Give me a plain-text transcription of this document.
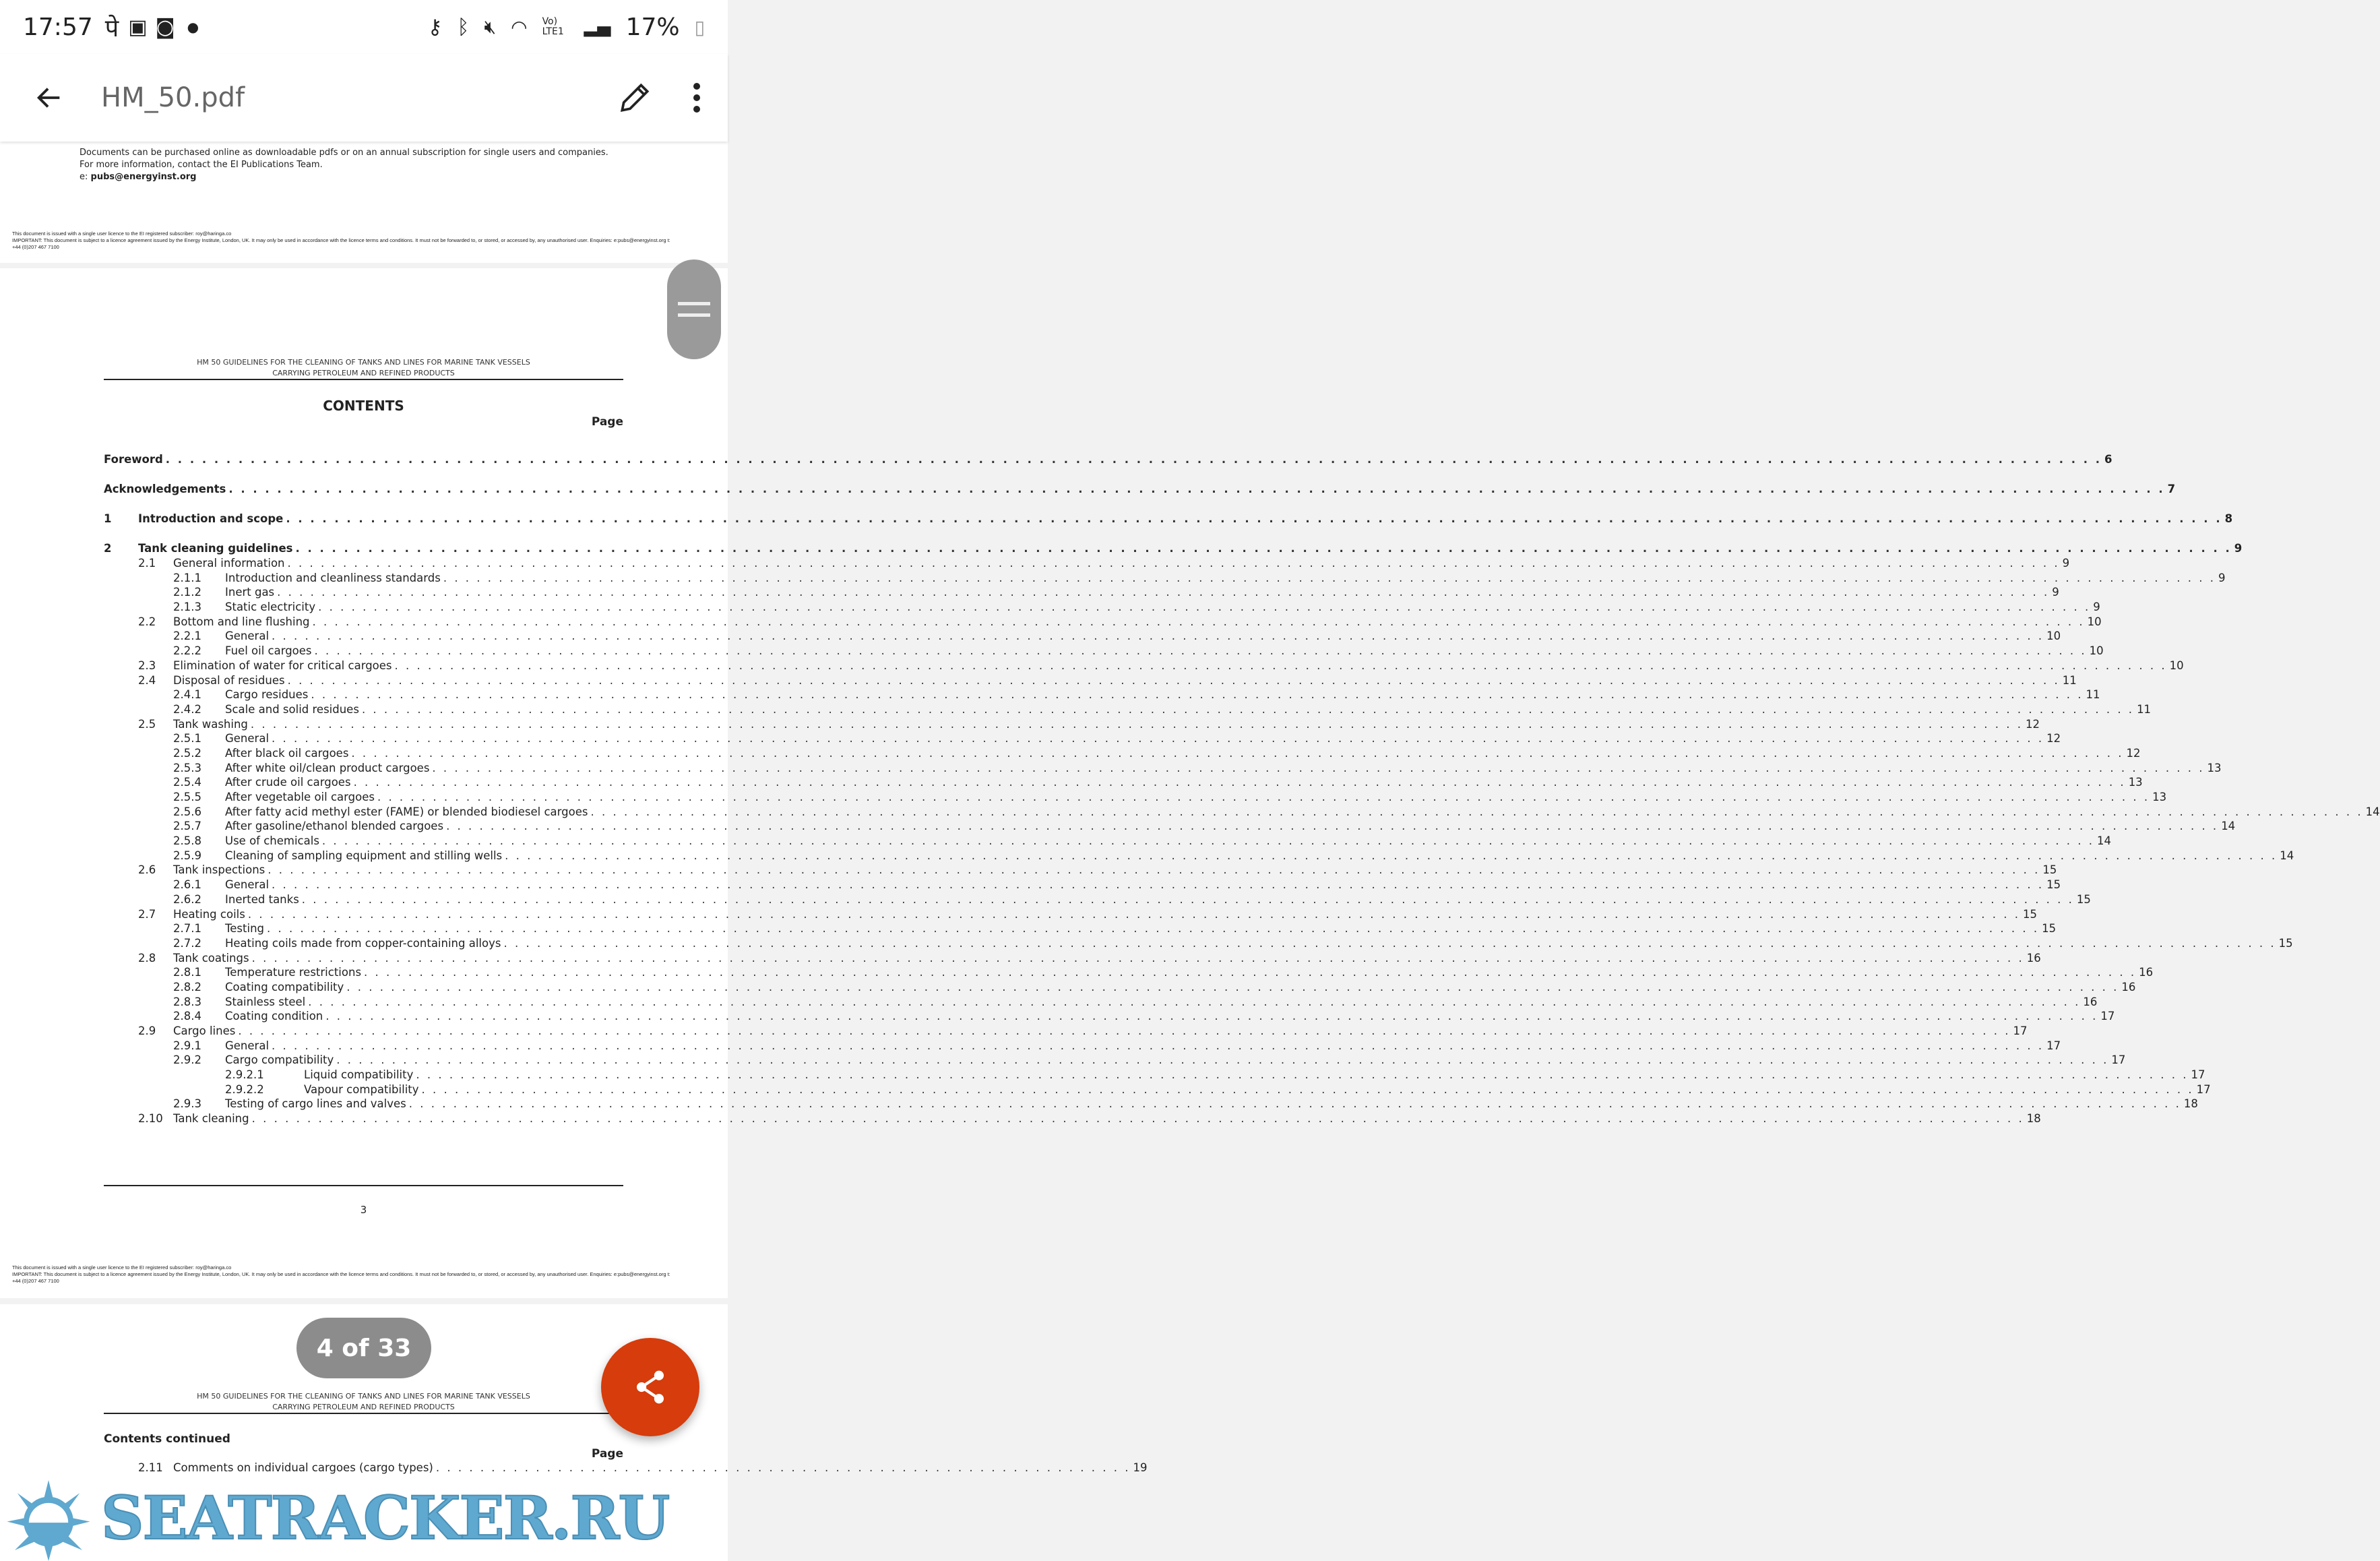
17:57 पे ▣ ◙ ●	⚷ ᛒ 🔇︎ ◠ Vo) LTE1	▂▄ 17% ▯
HM_50.pdf
Documents can be purchased online as downloadable pdfs or on an annual subscription for single users and companies.
For more information, contact the EI Publications Team.
e: pubs@energyinst.org
This document is issued with a single user licence to the EI registered subscriber: roy@haringa.co
IMPORTANT: This document is subject to a licence agreement issued by the Energy Institute, London, UK. It may only be used in accordance with the licence terms and conditions. It must not be forwarded to, or stored, or accessed by, any unauthorised user. Enquiries: e:pubs@energyinst.org t:
+44 (0)207 467 7100
HM 50 GUIDELINES FOR THE CLEANING OF TANKS AND LINES FOR MARINE TANK VESSELS
CARRYING PETROLEUM AND REFINED PRODUCTS
CONTENTS
Page
3
This document is issued with a single user licence to the EI registered subscriber: roy@haringa.co
IMPORTANT: This document is subject to a licence agreement issued by the Energy Institute, London, UK. It may only be used in accordance with the licence terms and conditions. It must not be forwarded to, or stored, or accessed by, any unauthorised user. Enquiries: e:pubs@energyinst.org t:
+44 (0)207 467 7100
Foreword . . . . . . . . . . . . . . . . . . . . . . . . . . . . . . . . . . . . . . . . . . . . . . . . . . . . . . . . . . . . . . . . . . . . . . . . . . . . . . . . . . . . . . . . . . . . . . . . . . . . . . . . . . . . . . . . . . . . . . . . . . . . . . . . . . . . . . . . . . . . . . . . . . . . . . . . . . . . . . . . 6
Acknowledgements . . . . . . . . . . . . . . . . . . . . . . . . . . . . . . . . . . . . . . . . . . . . . . . . . . . . . . . . . . . . . . . . . . . . . . . . . . . . . . . . . . . . . . . . . . . . . . . . . . . . . . . . . . . . . . . . . . . . . . . . . . . . . . . . . . . . . . . . . . . . . . . . . . . . . . . . . . . . . . . . 7
1	Introduction and scope . . . . . . . . . . . . . . . . . . . . . . . . . . . . . . . . . . . . . . . . . . . . . . . . . . . . . . . . . . . . . . . . . . . . . . . . . . . . . . . . . . . . . . . . . . . . . . . . . . . . . . . . . . . . . . . . . . . . . . . . . . . . . . . . . . . . . . . . . . . . . . . . . . . . . . . . . . . . . . . . 8
2	Tank cleaning guidelines . . . . . . . . . . . . . . . . . . . . . . . . . . . . . . . . . . . . . . . . . . . . . . . . . . . . . . . . . . . . . . . . . . . . . . . . . . . . . . . . . . . . . . . . . . . . . . . . . . . . . . . . . . . . . . . . . . . . . . . . . . . . . . . . . . . . . . . . . . . . . . . . . . . . . . . . . . . . . . . . 9
2.1	General information . . . . . . . . . . . . . . . . . . . . . . . . . . . . . . . . . . . . . . . . . . . . . . . . . . . . . . . . . . . . . . . . . . . . . . . . . . . . . . . . . . . . . . . . . . . . . . . . . . . . . . . . . . . . . . . . . . . . . . . . . . . . . . . . . . . . . . . . . . . . . . . . . . . . . . . . . . . . . . . . 9
2.1.1	Introduction and cleanliness standards . . . . . . . . . . . . . . . . . . . . . . . . . . . . . . . . . . . . . . . . . . . . . . . . . . . . . . . . . . . . . . . . . . . . . . . . . . . . . . . . . . . . . . . . . . . . . . . . . . . . . . . . . . . . . . . . . . . . . . . . . . . . . . . . . . . . . . . . . . . . . . . . . . . . . . . . . . . . . . . . 9
2.1.2	Inert gas . . . . . . . . . . . . . . . . . . . . . . . . . . . . . . . . . . . . . . . . . . . . . . . . . . . . . . . . . . . . . . . . . . . . . . . . . . . . . . . . . . . . . . . . . . . . . . . . . . . . . . . . . . . . . . . . . . . . . . . . . . . . . . . . . . . . . . . . . . . . . . . . . . . . . . . . . . . . . . . . 9
2.1.3	Static electricity . . . . . . . . . . . . . . . . . . . . . . . . . . . . . . . . . . . . . . . . . . . . . . . . . . . . . . . . . . . . . . . . . . . . . . . . . . . . . . . . . . . . . . . . . . . . . . . . . . . . . . . . . . . . . . . . . . . . . . . . . . . . . . . . . . . . . . . . . . . . . . . . . . . . . . . . . . . . . . . . 9
2.2	Bottom and line flushing . . . . . . . . . . . . . . . . . . . . . . . . . . . . . . . . . . . . . . . . . . . . . . . . . . . . . . . . . . . . . . . . . . . . . . . . . . . . . . . . . . . . . . . . . . . . . . . . . . . . . . . . . . . . . . . . . . . . . . . . . . . . . . . . . . . . . . . . . . . . . . . . . . . . . . . . . . . . . . . . 10
2.2.1	General . . . . . . . . . . . . . . . . . . . . . . . . . . . . . . . . . . . . . . . . . . . . . . . . . . . . . . . . . . . . . . . . . . . . . . . . . . . . . . . . . . . . . . . . . . . . . . . . . . . . . . . . . . . . . . . . . . . . . . . . . . . . . . . . . . . . . . . . . . . . . . . . . . . . . . . . . . . . . . . . 10
2.2.2	Fuel oil cargoes . . . . . . . . . . . . . . . . . . . . . . . . . . . . . . . . . . . . . . . . . . . . . . . . . . . . . . . . . . . . . . . . . . . . . . . . . . . . . . . . . . . . . . . . . . . . . . . . . . . . . . . . . . . . . . . . . . . . . . . . . . . . . . . . . . . . . . . . . . . . . . . . . . . . . . . . . . . . . . . . 10
2.3	Elimination of water for critical cargoes . . . . . . . . . . . . . . . . . . . . . . . . . . . . . . . . . . . . . . . . . . . . . . . . . . . . . . . . . . . . . . . . . . . . . . . . . . . . . . . . . . . . . . . . . . . . . . . . . . . . . . . . . . . . . . . . . . . . . . . . . . . . . . . . . . . . . . . . . . . . . . . . . . . . . . . . . . . . . . . . 10
2.4	Disposal of residues . . . . . . . . . . . . . . . . . . . . . . . . . . . . . . . . . . . . . . . . . . . . . . . . . . . . . . . . . . . . . . . . . . . . . . . . . . . . . . . . . . . . . . . . . . . . . . . . . . . . . . . . . . . . . . . . . . . . . . . . . . . . . . . . . . . . . . . . . . . . . . . . . . . . . . . . . . . . . . . . 11
2.4.1	Cargo residues . . . . . . . . . . . . . . . . . . . . . . . . . . . . . . . . . . . . . . . . . . . . . . . . . . . . . . . . . . . . . . . . . . . . . . . . . . . . . . . . . . . . . . . . . . . . . . . . . . . . . . . . . . . . . . . . . . . . . . . . . . . . . . . . . . . . . . . . . . . . . . . . . . . . . . . . . . . . . . . . 11
2.4.2	Scale and solid residues . . . . . . . . . . . . . . . . . . . . . . . . . . . . . . . . . . . . . . . . . . . . . . . . . . . . . . . . . . . . . . . . . . . . . . . . . . . . . . . . . . . . . . . . . . . . . . . . . . . . . . . . . . . . . . . . . . . . . . . . . . . . . . . . . . . . . . . . . . . . . . . . . . . . . . . . . . . . . . . . 11
2.5	Tank washing . . . . . . . . . . . . . . . . . . . . . . . . . . . . . . . . . . . . . . . . . . . . . . . . . . . . . . . . . . . . . . . . . . . . . . . . . . . . . . . . . . . . . . . . . . . . . . . . . . . . . . . . . . . . . . . . . . . . . . . . . . . . . . . . . . . . . . . . . . . . . . . . . . . . . . . . . . . . . . . . 12
2.5.1	General . . . . . . . . . . . . . . . . . . . . . . . . . . . . . . . . . . . . . . . . . . . . . . . . . . . . . . . . . . . . . . . . . . . . . . . . . . . . . . . . . . . . . . . . . . . . . . . . . . . . . . . . . . . . . . . . . . . . . . . . . . . . . . . . . . . . . . . . . . . . . . . . . . . . . . . . . . . . . . . . 12
2.5.2	After black oil cargoes . . . . . . . . . . . . . . . . . . . . . . . . . . . . . . . . . . . . . . . . . . . . . . . . . . . . . . . . . . . . . . . . . . . . . . . . . . . . . . . . . . . . . . . . . . . . . . . . . . . . . . . . . . . . . . . . . . . . . . . . . . . . . . . . . . . . . . . . . . . . . . . . . . . . . . . . . . . . . . . . 12
2.5.3	After white oil/clean product cargoes . . . . . . . . . . . . . . . . . . . . . . . . . . . . . . . . . . . . . . . . . . . . . . . . . . . . . . . . . . . . . . . . . . . . . . . . . . . . . . . . . . . . . . . . . . . . . . . . . . . . . . . . . . . . . . . . . . . . . . . . . . . . . . . . . . . . . . . . . . . . . . . . . . . . . . . . . . . . . . . . 13
2.5.4	After crude oil cargoes . . . . . . . . . . . . . . . . . . . . . . . . . . . . . . . . . . . . . . . . . . . . . . . . . . . . . . . . . . . . . . . . . . . . . . . . . . . . . . . . . . . . . . . . . . . . . . . . . . . . . . . . . . . . . . . . . . . . . . . . . . . . . . . . . . . . . . . . . . . . . . . . . . . . . . . . . . . . . . . . 13
2.5.5	After vegetable oil cargoes . . . . . . . . . . . . . . . . . . . . . . . . . . . . . . . . . . . . . . . . . . . . . . . . . . . . . . . . . . . . . . . . . . . . . . . . . . . . . . . . . . . . . . . . . . . . . . . . . . . . . . . . . . . . . . . . . . . . . . . . . . . . . . . . . . . . . . . . . . . . . . . . . . . . . . . . . . . . . . . . 13
2.5.6	After fatty acid methyl ester (FAME) or blended biodiesel cargoes . . . . . . . . . . . . . . . . . . . . . . . . . . . . . . . . . . . . . . . . . . . . . . . . . . . . . . . . . . . . . . . . . . . . . . . . . . . . . . . . . . . . . . . . . . . . . . . . . . . . . . . . . . . . . . . . . . . . . . . . . . . . . . . . . . . . . . . . . . . . . . . . . . . . . . . . . . . . . . . . 14
2.5.7	After gasoline/ethanol blended cargoes . . . . . . . . . . . . . . . . . . . . . . . . . . . . . . . . . . . . . . . . . . . . . . . . . . . . . . . . . . . . . . . . . . . . . . . . . . . . . . . . . . . . . . . . . . . . . . . . . . . . . . . . . . . . . . . . . . . . . . . . . . . . . . . . . . . . . . . . . . . . . . . . . . . . . . . . . . . . . . . . 14
2.5.8	Use of chemicals . . . . . . . . . . . . . . . . . . . . . . . . . . . . . . . . . . . . . . . . . . . . . . . . . . . . . . . . . . . . . . . . . . . . . . . . . . . . . . . . . . . . . . . . . . . . . . . . . . . . . . . . . . . . . . . . . . . . . . . . . . . . . . . . . . . . . . . . . . . . . . . . . . . . . . . . . . . . . . . . 14
2.5.9	Cleaning of sampling equipment and stilling wells . . . . . . . . . . . . . . . . . . . . . . . . . . . . . . . . . . . . . . . . . . . . . . . . . . . . . . . . . . . . . . . . . . . . . . . . . . . . . . . . . . . . . . . . . . . . . . . . . . . . . . . . . . . . . . . . . . . . . . . . . . . . . . . . . . . . . . . . . . . . . . . . . . . . . . . . . . . . . . . . 14
2.6	Tank inspections . . . . . . . . . . . . . . . . . . . . . . . . . . . . . . . . . . . . . . . . . . . . . . . . . . . . . . . . . . . . . . . . . . . . . . . . . . . . . . . . . . . . . . . . . . . . . . . . . . . . . . . . . . . . . . . . . . . . . . . . . . . . . . . . . . . . . . . . . . . . . . . . . . . . . . . . . . . . . . . . 15
2.6.1	General . . . . . . . . . . . . . . . . . . . . . . . . . . . . . . . . . . . . . . . . . . . . . . . . . . . . . . . . . . . . . . . . . . . . . . . . . . . . . . . . . . . . . . . . . . . . . . . . . . . . . . . . . . . . . . . . . . . . . . . . . . . . . . . . . . . . . . . . . . . . . . . . . . . . . . . . . . . . . . . . 15
2.6.2	Inerted tanks . . . . . . . . . . . . . . . . . . . . . . . . . . . . . . . . . . . . . . . . . . . . . . . . . . . . . . . . . . . . . . . . . . . . . . . . . . . . . . . . . . . . . . . . . . . . . . . . . . . . . . . . . . . . . . . . . . . . . . . . . . . . . . . . . . . . . . . . . . . . . . . . . . . . . . . . . . . . . . . . 15
2.7	Heating coils . . . . . . . . . . . . . . . . . . . . . . . . . . . . . . . . . . . . . . . . . . . . . . . . . . . . . . . . . . . . . . . . . . . . . . . . . . . . . . . . . . . . . . . . . . . . . . . . . . . . . . . . . . . . . . . . . . . . . . . . . . . . . . . . . . . . . . . . . . . . . . . . . . . . . . . . . . . . . . . . 15
2.7.1	Testing . . . . . . . . . . . . . . . . . . . . . . . . . . . . . . . . . . . . . . . . . . . . . . . . . . . . . . . . . . . . . . . . . . . . . . . . . . . . . . . . . . . . . . . . . . . . . . . . . . . . . . . . . . . . . . . . . . . . . . . . . . . . . . . . . . . . . . . . . . . . . . . . . . . . . . . . . . . . . . . . 15
2.7.2	Heating coils made from copper-containing alloys . . . . . . . . . . . . . . . . . . . . . . . . . . . . . . . . . . . . . . . . . . . . . . . . . . . . . . . . . . . . . . . . . . . . . . . . . . . . . . . . . . . . . . . . . . . . . . . . . . . . . . . . . . . . . . . . . . . . . . . . . . . . . . . . . . . . . . . . . . . . . . . . . . . . . . . . . . . . . . . . 15
2.8	Tank coatings . . . . . . . . . . . . . . . . . . . . . . . . . . . . . . . . . . . . . . . . . . . . . . . . . . . . . . . . . . . . . . . . . . . . . . . . . . . . . . . . . . . . . . . . . . . . . . . . . . . . . . . . . . . . . . . . . . . . . . . . . . . . . . . . . . . . . . . . . . . . . . . . . . . . . . . . . . . . . . . . 16
2.8.1	Temperature restrictions . . . . . . . . . . . . . . . . . . . . . . . . . . . . . . . . . . . . . . . . . . . . . . . . . . . . . . . . . . . . . . . . . . . . . . . . . . . . . . . . . . . . . . . . . . . . . . . . . . . . . . . . . . . . . . . . . . . . . . . . . . . . . . . . . . . . . . . . . . . . . . . . . . . . . . . . . . . . . . . . 16
2.8.2	Coating compatibility . . . . . . . . . . . . . . . . . . . . . . . . . . . . . . . . . . . . . . . . . . . . . . . . . . . . . . . . . . . . . . . . . . . . . . . . . . . . . . . . . . . . . . . . . . . . . . . . . . . . . . . . . . . . . . . . . . . . . . . . . . . . . . . . . . . . . . . . . . . . . . . . . . . . . . . . . . . . . . . . 16
2.8.3	Stainless steel . . . . . . . . . . . . . . . . . . . . . . . . . . . . . . . . . . . . . . . . . . . . . . . . . . . . . . . . . . . . . . . . . . . . . . . . . . . . . . . . . . . . . . . . . . . . . . . . . . . . . . . . . . . . . . . . . . . . . . . . . . . . . . . . . . . . . . . . . . . . . . . . . . . . . . . . . . . . . . . . 16
2.8.4	Coating condition . . . . . . . . . . . . . . . . . . . . . . . . . . . . . . . . . . . . . . . . . . . . . . . . . . . . . . . . . . . . . . . . . . . . . . . . . . . . . . . . . . . . . . . . . . . . . . . . . . . . . . . . . . . . . . . . . . . . . . . . . . . . . . . . . . . . . . . . . . . . . . . . . . . . . . . . . . . . . . . . 17
2.9	Cargo lines . . . . . . . . . . . . . . . . . . . . . . . . . . . . . . . . . . . . . . . . . . . . . . . . . . . . . . . . . . . . . . . . . . . . . . . . . . . . . . . . . . . . . . . . . . . . . . . . . . . . . . . . . . . . . . . . . . . . . . . . . . . . . . . . . . . . . . . . . . . . . . . . . . . . . . . . . . . . . . . . 17
2.9.1	General . . . . . . . . . . . . . . . . . . . . . . . . . . . . . . . . . . . . . . . . . . . . . . . . . . . . . . . . . . . . . . . . . . . . . . . . . . . . . . . . . . . . . . . . . . . . . . . . . . . . . . . . . . . . . . . . . . . . . . . . . . . . . . . . . . . . . . . . . . . . . . . . . . . . . . . . . . . . . . . . 17
2.9.2	Cargo compatibility . . . . . . . . . . . . . . . . . . . . . . . . . . . . . . . . . . . . . . . . . . . . . . . . . . . . . . . . . . . . . . . . . . . . . . . . . . . . . . . . . . . . . . . . . . . . . . . . . . . . . . . . . . . . . . . . . . . . . . . . . . . . . . . . . . . . . . . . . . . . . . . . . . . . . . . . . . . . . . . . 17
2.9.2.1	Liquid compatibility . . . . . . . . . . . . . . . . . . . . . . . . . . . . . . . . . . . . . . . . . . . . . . . . . . . . . . . . . . . . . . . . . . . . . . . . . . . . . . . . . . . . . . . . . . . . . . . . . . . . . . . . . . . . . . . . . . . . . . . . . . . . . . . . . . . . . . . . . . . . . . . . . . . . . . . . . . . . . . . . 17
2.9.2.2	Vapour compatibility . . . . . . . . . . . . . . . . . . . . . . . . . . . . . . . . . . . . . . . . . . . . . . . . . . . . . . . . . . . . . . . . . . . . . . . . . . . . . . . . . . . . . . . . . . . . . . . . . . . . . . . . . . . . . . . . . . . . . . . . . . . . . . . . . . . . . . . . . . . . . . . . . . . . . . . . . . . . . . . . 17
2.9.3	Testing of cargo lines and valves . . . . . . . . . . . . . . . . . . . . . . . . . . . . . . . . . . . . . . . . . . . . . . . . . . . . . . . . . . . . . . . . . . . . . . . . . . . . . . . . . . . . . . . . . . . . . . . . . . . . . . . . . . . . . . . . . . . . . . . . . . . . . . . . . . . . . . . . . . . . . . . . . . . . . . . . . . . . . . . . 18
2.10 Tank cleaning . . . . . . . . . . . . . . . . . . . . . . . . . . . . . . . . . . . . . . . . . . . . . . . . . . . . . . . . . . . . . . . . . . . . . . . . . . . . . . . . . . . . . . . . . . . . . . . . . . . . . . . . . . . . . . . . . . . . . . . . . . . . . . . . . . . . . . . . . . . . . . . . . . . . . . . . . . . . . . . . 18
HM 50 GUIDELINES FOR THE CLEANING OF TANKS AND LINES FOR MARINE TANK VESSELS
CARRYING PETROLEUM AND REFINED PRODUCTS
Contents continued
Page
2.11 Comments on individual cargoes (cargo types) . . . . . . . . . . . . . . . . . . . . . . . . . . . . . . . . . . . . . . . . . . . . . . . . . . . . . . . . . . . . . . . 19
4 of 33
SEATRACKER.RU
